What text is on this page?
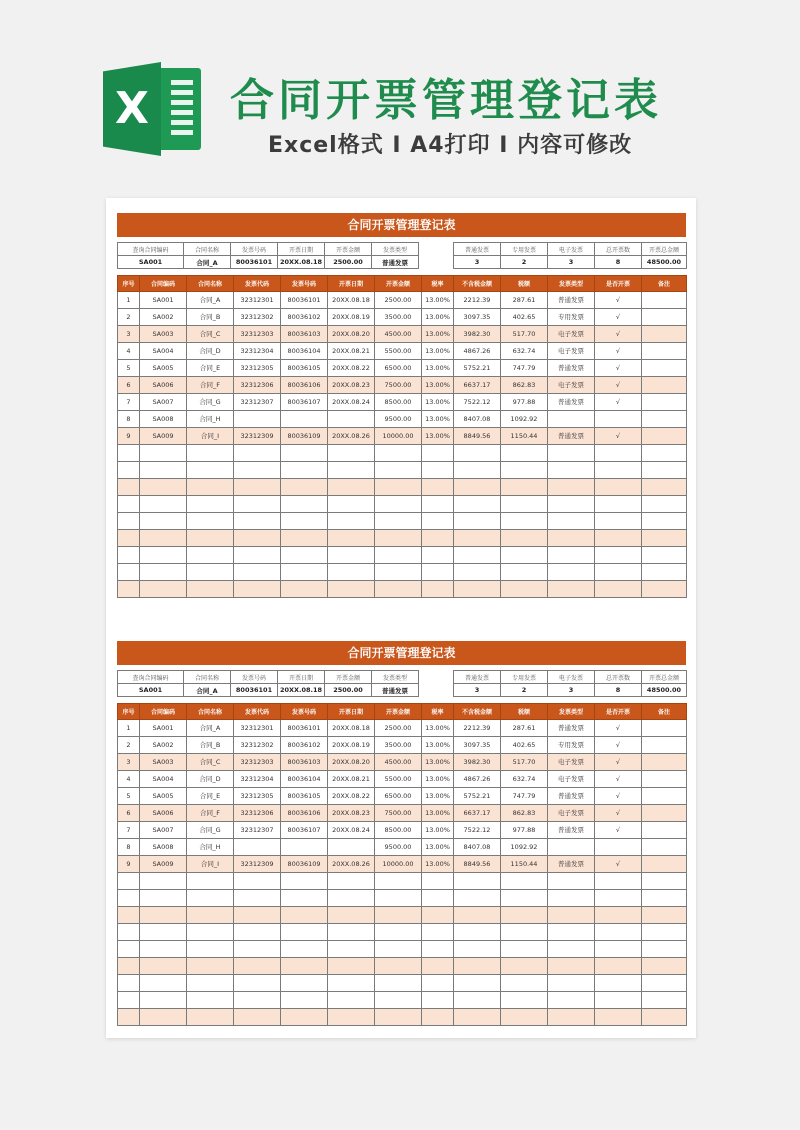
X 合同开票管理登记表
Excel格式 I A4打印 I 内容可修改
合同开票管理登记表
查询合同编码	合同名称	发票号码	开票日期	开票金额	发票类型		普通发票	专用发票	电子发票	总开票数	开票总金额
SA001	合同_A	80036101	20XX.08.18	2500.00	普通发票		3	2	3	8	48500.00

序号	合同编码	合同名称	发票代码	发票号码	开票日期	开票金额	税率	不含税金额	税额	发票类型	是否开票	备注
1	SA001	合同_A	32312301	80036101	20XX.08.18	2500.00	13.00%	2212.39	287.61	普通发票	√	
2	SA002	合同_B	32312302	80036102	20XX.08.19	3500.00	13.00%	3097.35	402.65	专用发票	√	
3	SA003	合同_C	32312303	80036103	20XX.08.20	4500.00	13.00%	3982.30	517.70	电子发票	√	
4	SA004	合同_D	32312304	80036104	20XX.08.21	5500.00	13.00%	4867.26	632.74	电子发票	√	
5	SA005	合同_E	32312305	80036105	20XX.08.22	6500.00	13.00%	5752.21	747.79	普通发票	√	
6	SA006	合同_F	32312306	80036106	20XX.08.23	7500.00	13.00%	6637.17	862.83	电子发票	√	
7	SA007	合同_G	32312307	80036107	20XX.08.24	8500.00	13.00%	7522.12	977.88	普通发票	√	
8	SA008	合同_H				9500.00	13.00%	8407.08	1092.92			
9	SA009	合同_I	32312309	80036109	20XX.08.26	10000.00	13.00%	8849.56	1150.44	普通发票	√	

合同开票管理登记表
查询合同编码	合同名称	发票号码	开票日期	开票金额	发票类型		普通发票	专用发票	电子发票	总开票数	开票总金额
SA001	合同_A	80036101	20XX.08.18	2500.00	普通发票		3	2	3	8	48500.00

序号	合同编码	合同名称	发票代码	发票号码	开票日期	开票金额	税率	不含税金额	税额	发票类型	是否开票	备注
1	SA001	合同_A	32312301	80036101	20XX.08.18	2500.00	13.00%	2212.39	287.61	普通发票	√	
2	SA002	合同_B	32312302	80036102	20XX.08.19	3500.00	13.00%	3097.35	402.65	专用发票	√	
3	SA003	合同_C	32312303	80036103	20XX.08.20	4500.00	13.00%	3982.30	517.70	电子发票	√	
4	SA004	合同_D	32312304	80036104	20XX.08.21	5500.00	13.00%	4867.26	632.74	电子发票	√	
5	SA005	合同_E	32312305	80036105	20XX.08.22	6500.00	13.00%	5752.21	747.79	普通发票	√	
6	SA006	合同_F	32312306	80036106	20XX.08.23	7500.00	13.00%	6637.17	862.83	电子发票	√	
7	SA007	合同_G	32312307	80036107	20XX.08.24	8500.00	13.00%	7522.12	977.88	普通发票	√	
8	SA008	合同_H				9500.00	13.00%	8407.08	1092.92			
9	SA009	合同_I	32312309	80036109	20XX.08.26	10000.00	13.00%	8849.56	1150.44	普通发票	√	
